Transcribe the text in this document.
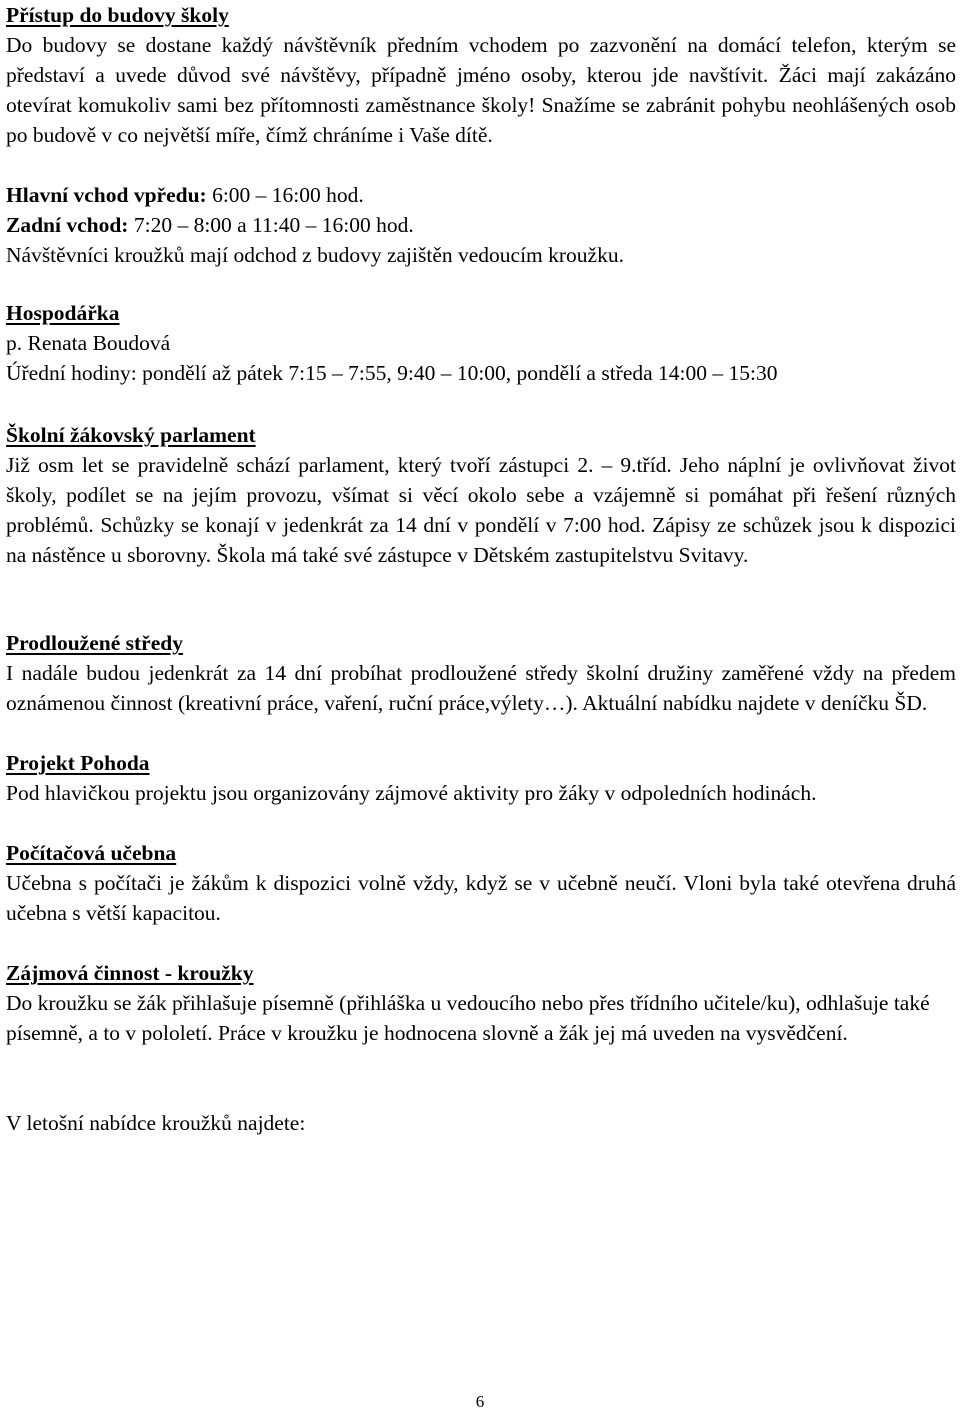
Přístup do budovy školy
Do budovy se dostane každý návštěvník předním vchodem po zazvonění na domácí telefon, kterým se představí a uvede důvod své návštěvy, případně jméno osoby, kterou jde navštívit. Žáci mají zakázáno otevírat komukoliv sami bez přítomnosti zaměstnance školy! Snažíme se zabránit pohybu neohlášených osob po budově v co největší míře, čímž chráníme i Vaše dítě.
Hlavní vchod vpředu: 6:00 – 16:00 hod.
Zadní vchod: 7:20 – 8:00 a 11:40 – 16:00 hod.
Návštěvníci kroužků mají odchod z budovy zajištěn vedoucím kroužku.
Hospodářka
p. Renata Boudová
Úřední hodiny: pondělí až pátek 7:15 – 7:55, 9:40 – 10:00, pondělí a středa 14:00 – 15:30
Školní žákovský parlament
Již osm let se pravidelně schází parlament, který tvoří zástupci 2. – 9.tříd. Jeho náplní je ovlivňovat život školy, podílet se na jejím provozu, všímat si věcí okolo sebe a vzájemně si pomáhat při řešení různých problémů. Schůzky se konají v jedenkrát za 14 dní v pondělí v 7:00 hod. Zápisy ze schůzek jsou k dispozici na nástěnce u sborovny. Škola má také své zástupce v Dětském zastupitelstvu Svitavy.
Prodloužené středy
I nadále budou jedenkrát za 14 dní probíhat prodloužené středy školní družiny zaměřené vždy na předem oznámenou činnost (kreativní práce, vaření, ruční práce,výlety…). Aktuální nabídku najdete v deníčku ŠD.
Projekt Pohoda
Pod hlavičkou projektu jsou organizovány zájmové aktivity pro žáky v odpoledních hodinách.
Počítačová učebna
Učebna s počítači je žákům k dispozici volně vždy, když se v učebně neučí. Vloni byla také otevřena druhá učebna s větší kapacitou.
Zájmová činnost - kroužky
Do kroužku se žák přihlašuje písemně (přihláška u vedoucího nebo přes třídního učitele/ku), odhlašuje také písemně, a to v pololetí. Práce v kroužku je hodnocena slovně a žák jej má uveden na vysvědčení.
V letošní nabídce kroužků najdete:
6
